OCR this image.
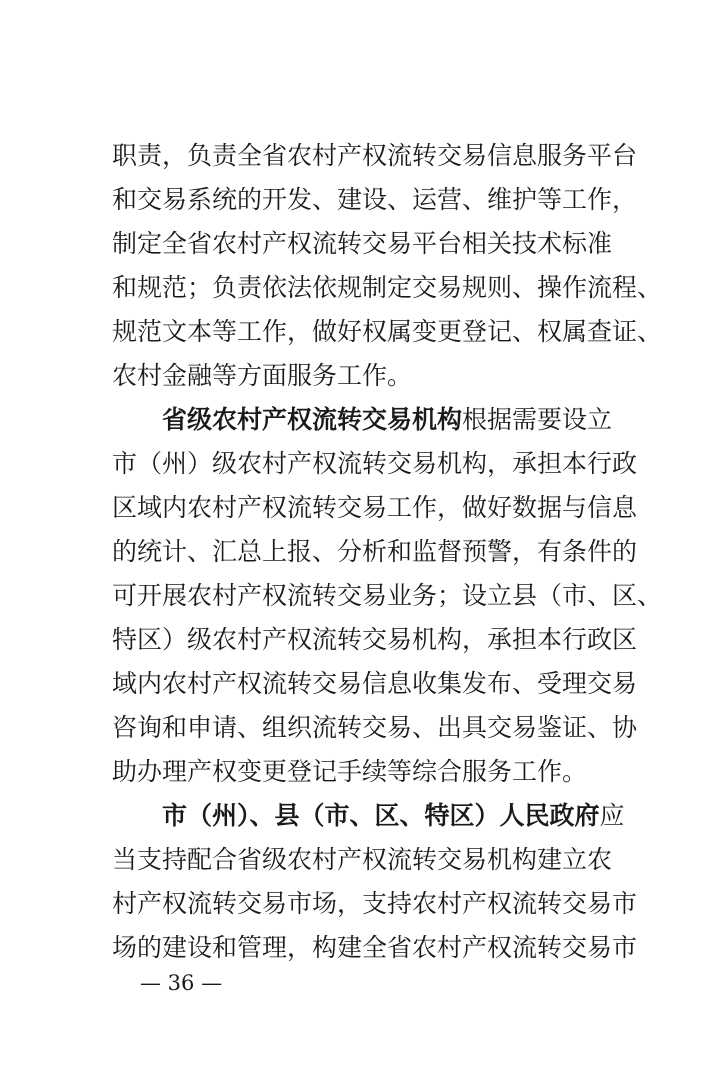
职责，负责全省农村产权流转交易信息服务平台
和交易系统的开发、建设、运营、维护等工作，
制定全省农村产权流转交易平台相关技术标准
和规范；负责依法依规制定交易规则、操作流程、
规范文本等工作，做好权属变更登记、权属查证、
农村金融等方面服务工作。
省级农村产权流转交易机构根据需要设立
市（州）级农村产权流转交易机构，承担本行政
区域内农村产权流转交易工作，做好数据与信息
的统计、汇总上报、分析和监督预警，有条件的
可开展农村产权流转交易业务；设立县（市、区、
特区）级农村产权流转交易机构，承担本行政区
域内农村产权流转交易信息收集发布、受理交易
咨询和申请、组织流转交易、出具交易鉴证、协
助办理产权变更登记手续等综合服务工作。
市（州）、县（市、区、特区）人民政府应
当支持配合省级农村产权流转交易机构建立农
村产权流转交易市场，支持农村产权流转交易市
场的建设和管理，构建全省农村产权流转交易市
— 36 —
